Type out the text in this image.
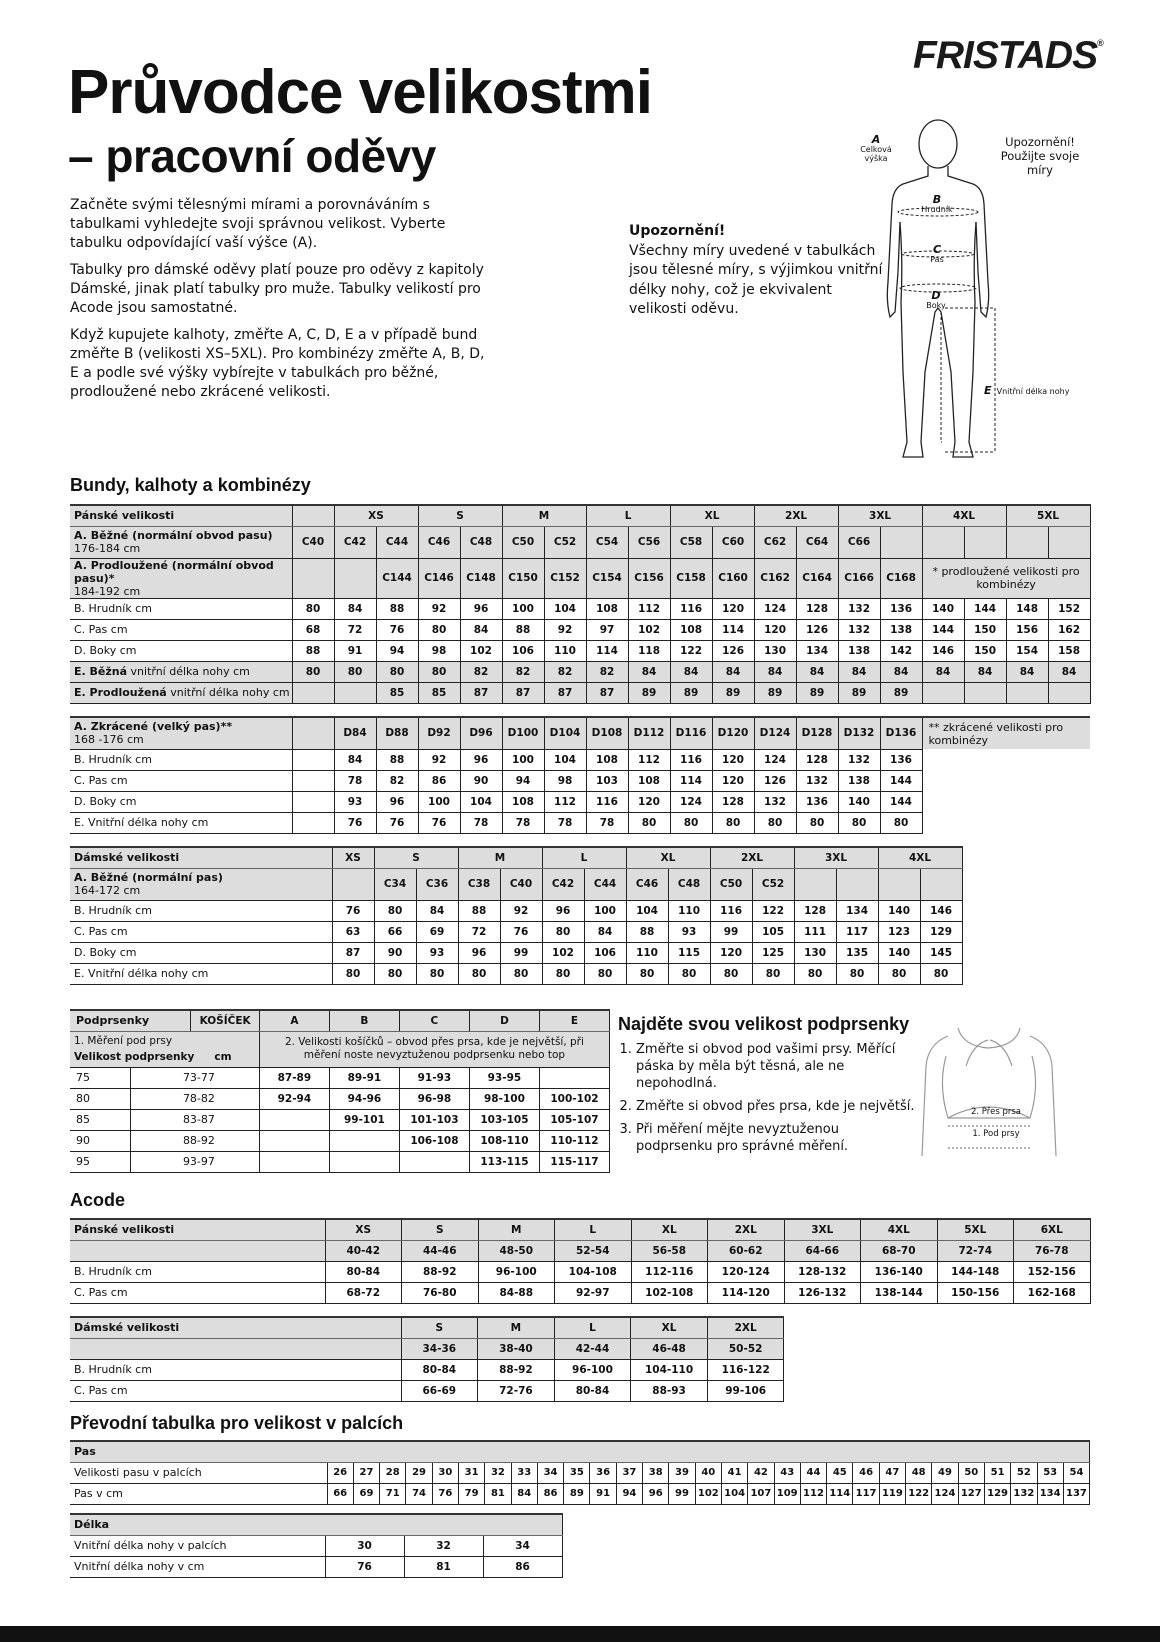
FRISTADS®
Průvodce velikostmi
– pracovní oděvy

Začněte svými tělesnými mírami a porovnáváním s tabulkami vyhledejte svoji správnou velikost. Vyberte tabulku odpovídající vaší výšce (A).

Tabulky pro dámské oděvy platí pouze pro oděvy z kapitoly Dámské, jinak platí tabulky pro muže. Tabulky velikostí pro Acode jsou samostatné.

Když kupujete kalhoty, změřte A, C, D, E a v případě bund změřte B (velikosti XS–5XL). Pro kombinézy změřte A, B, D, E a podle své výšky vybírejte v tabulkách pro běžné, prodloužené nebo zkrácené velikosti.

Upozornění!
Všechny míry uvedené v tabulkách jsou tělesné míry, s výjimkou vnitřní délky nohy, což je ekvivalent velikosti oděvu.
Upozornění! Použijte svoje míry
A
Celková výška
B
Hrudník
C
Pas
D
Boky
E Vnitřní délka nohy
Bundy, kalhoty a kombinézy
Pánské velikosti		XS		S		M		L		XL		2XL		3XL		4XL		5XL	
A. Běžné (normální obvod pasu)
176-184 cm	C40	C42	C44	C46	C48	C50	C52	C54	C56	C58	C60	C62	C64	C66					
A. Prodloužené (normální obvod pasu)*
184-192 cm			C144	C146	C148	C150	C152	C154	C156	C158	C160	C162	C164	C166	C168	* prodloužené velikosti pro kombinézy			
B. Hrudník cm	80	84	88	92	96	100	104	108	112	116	120	124	128	132	136	140	144	148	152
C. Pas cm	68	72	76	80	84	88	92	97	102	108	114	120	126	132	138	144	150	156	162
D. Boky cm	88	91	94	98	102	106	110	114	118	122	126	130	134	138	142	146	150	154	158
E. Běžná vnitřní délka nohy cm	80	80	80	80	82	82	82	82	84	84	84	84	84	84	84	84	84	84	84
E. Prodloužená vnitřní délka nohy cm			85	85	87	87	87	87	89	89	89	89	89	89	89				
A. Zkrácené (velký pas)**
168 -176 cm		D84	D88	D92	D96	D100	D104	D108	D112	D116	D120	D124	D128	D132	D136	** zkrácené velikosti pro kombinézy
B. Hrudník cm		84	88	92	96	100	104	108	112	116	120	124	128	132	136	
C. Pas cm		78	82	86	90	94	98	103	108	114	120	126	132	138	144	
D. Boky cm		93	96	100	104	108	112	116	120	124	128	132	136	140	144	
E. Vnitřní délka nohy cm		76	76	76	78	78	78	78	80	80	80	80	80	80	80	
Dámské velikosti	XS	S		M		L		XL		2XL		3XL		4XL	
A. Běžné (normální pas)
164-172 cm		C34	C36	C38	C40	C42	C44	C46	C48	C50	C52				
B. Hrudník cm	76	80	84	88	92	96	100	104	110	116	122	128	134	140	146
C. Pas cm	63	66	69	72	76	80	84	88	93	99	105	111	117	123	129
D. Boky cm	87	90	93	96	99	102	106	110	115	120	125	130	135	140	145
E. Vnitřní délka nohy cm	80	80	80	80	80	80	80	80	80	80	80	80	80	80	80
Podprsenky		KOŠÍČEK	A	B	C	D	E
1. Měření pod prsy
Velikost podprsenky cm			2. Velikosti košíčků – obvod přes prsa, kde je největší, při měření noste nevyztuženou podprsenku nebo top				
75	73-77		87-89	89-91	91-93	93-95	
80	78-82		92-94	94-96	96-98	98-100	100-102
85	83-87			99-101	101-103	103-105	105-107
90	88-92				106-108	108-110	110-112
95	93-97					113-115	115-117
Najděte svou velikost podprsenky
1. Změřte si obvod pod vašimi prsy. Měřící páska by měla být těsná, ale ne nepohodlná.
2. Změřte si obvod přes prsa, kde je největší.
3. Při měření mějte nevyztuženou podprsenku pro správné měření.
2. Přes prsa
1. Pod prsy
Acode
Pánské velikosti	XS	S	M	L	XL	2XL	3XL	4XL	5XL	6XL
	40-42	44-46	48-50	52-54	56-58	60-62	64-66	68-70	72-74	76-78
B. Hrudník cm	80-84	88-92	96-100	104-108	112-116	120-124	128-132	136-140	144-148	152-156
C. Pas cm	68-72	76-80	84-88	92-97	102-108	114-120	126-132	138-144	150-156	162-168
Dámské velikosti	S	M	L	XL	2XL
	34-36	38-40	42-44	46-48	50-52
B. Hrudník cm	80-84	88-92	96-100	104-110	116-122
C. Pas cm	66-69	72-76	80-84	88-93	99-106
Převodní tabulka pro velikost v palcích
Pas																													
Velikosti pasu v palcích	26	27	28	29	30	31	32	33	34	35	36	37	38	39	40	41	42	43	44	45	46	47	48	49	50	51	52	53	54
Pas v cm	66	69	71	74	76	79	81	84	86	89	91	94	96	99	102	104	107	109	112	114	117	119	122	124	127	129	132	134	137
Délka			
Vnitřní délka nohy v palcích	30	32	34
Vnitřní délka nohy v cm	76	81	86
